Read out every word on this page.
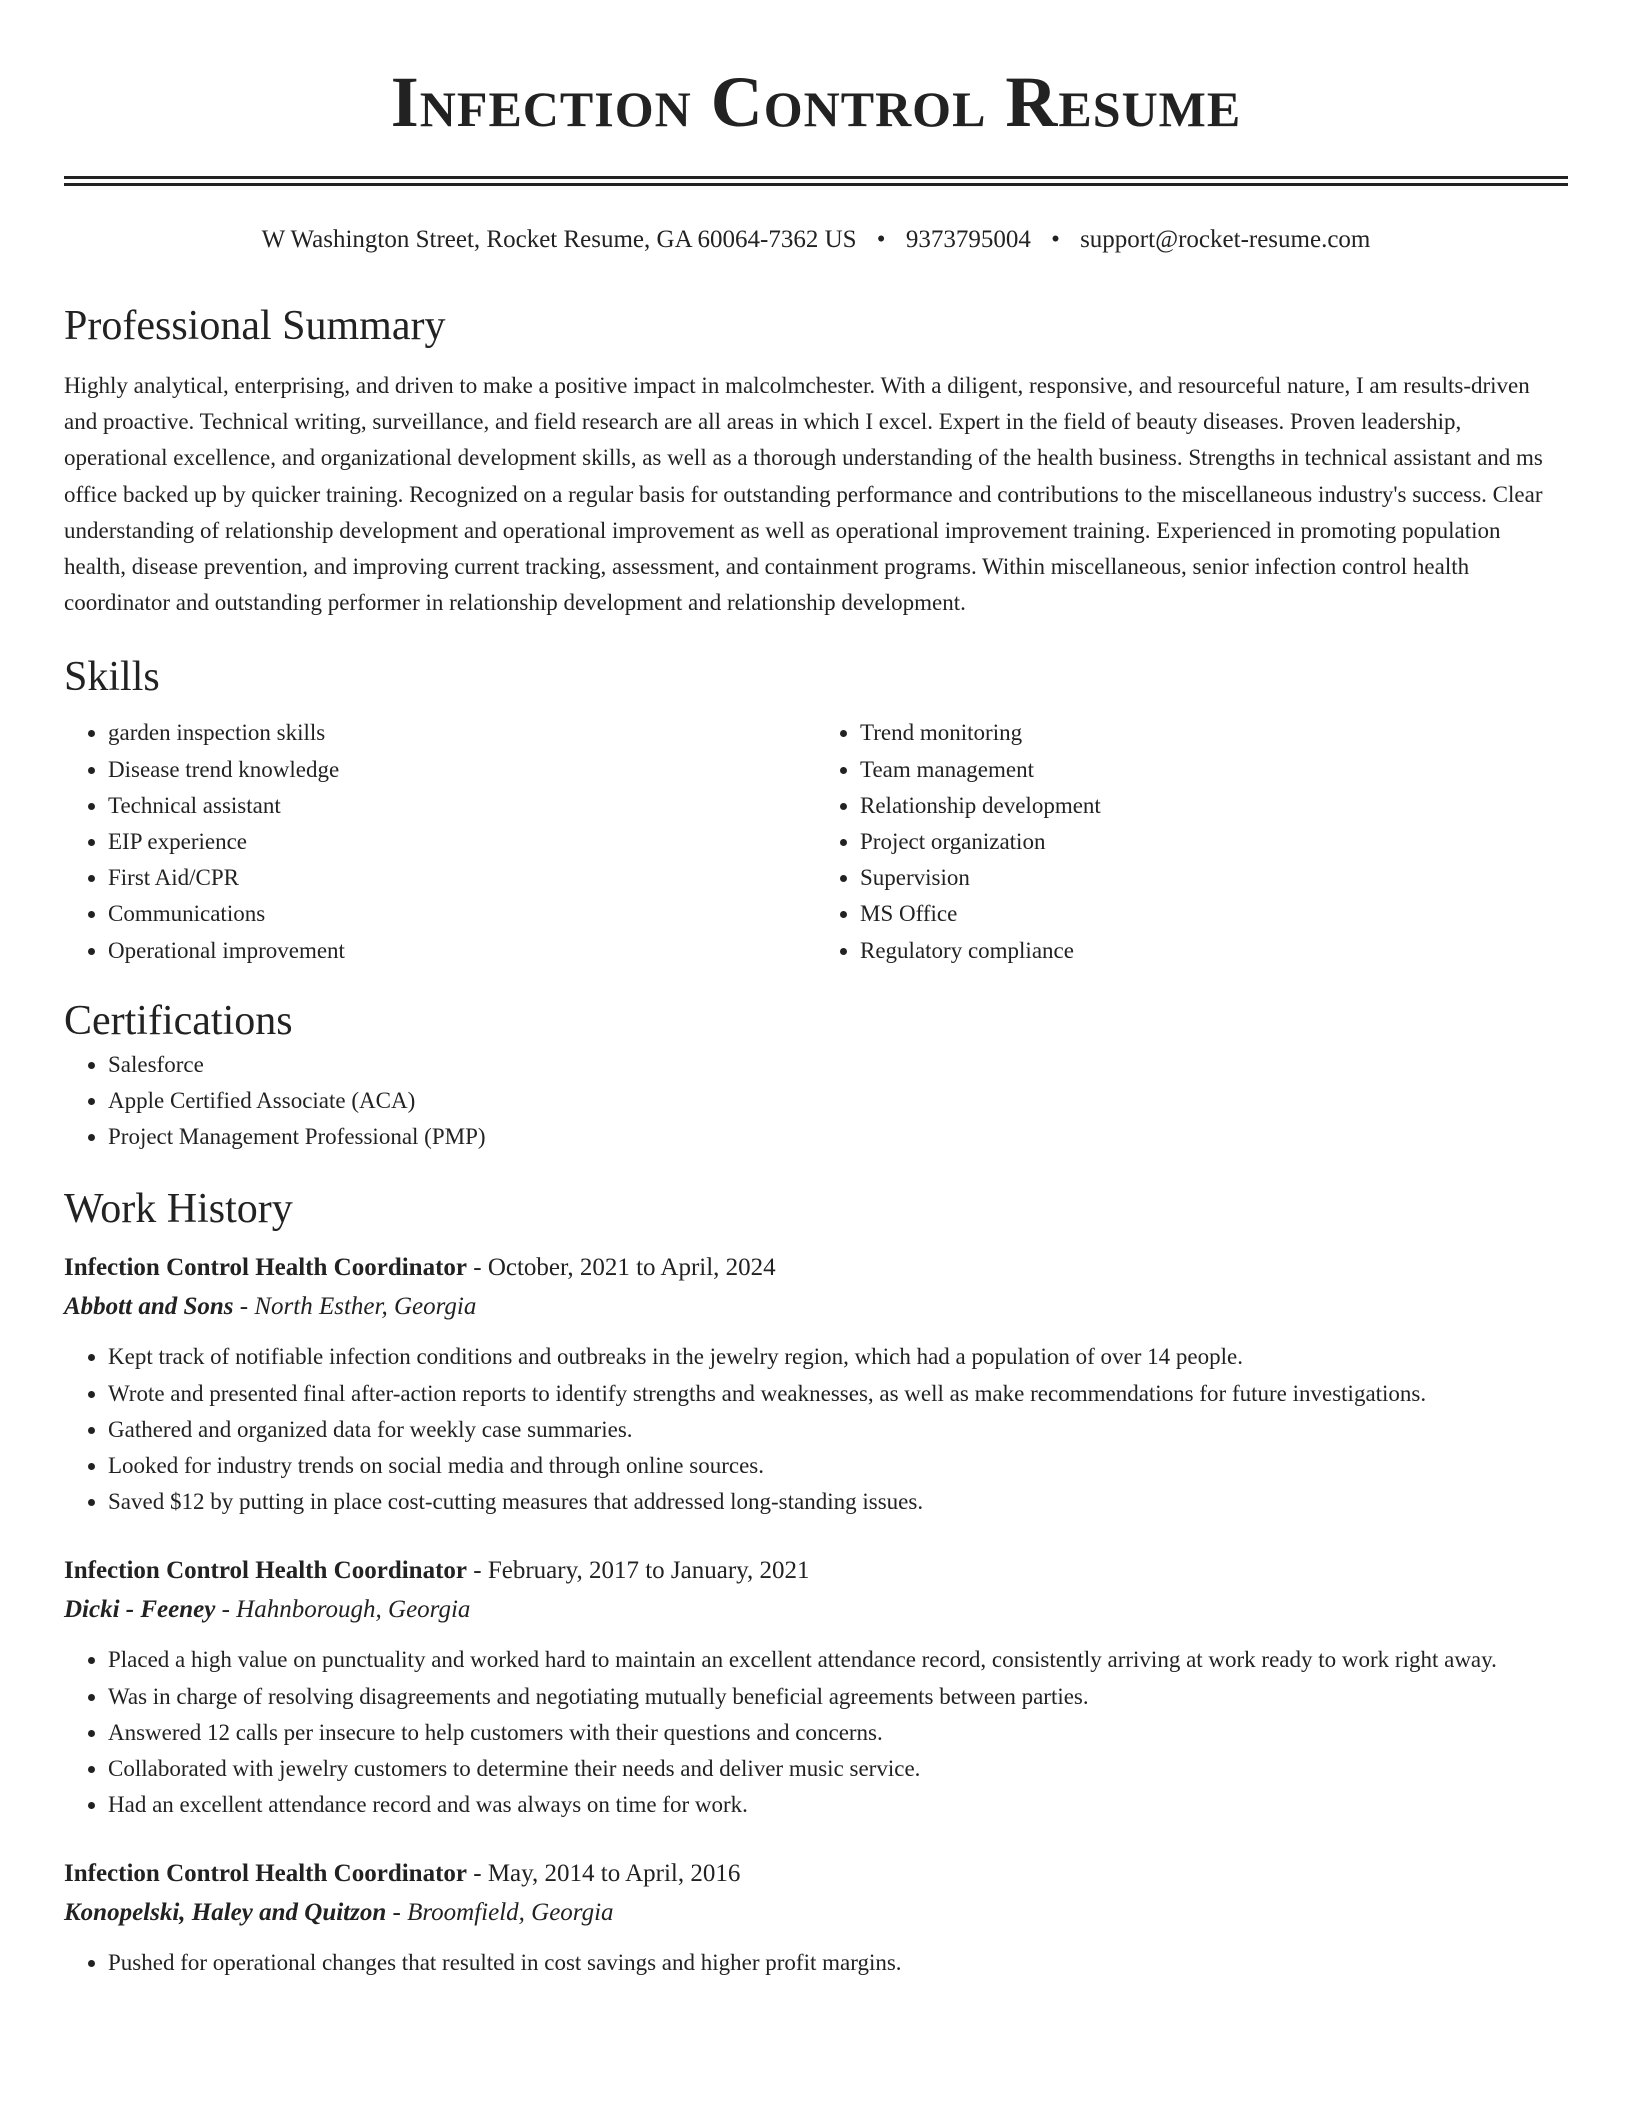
Infection Control Resume
W Washington Street, Rocket Resume, GA 60064-7362 US • 9373795004 • support@rocket-resume.com
Professional Summary

Highly analytical, enterprising, and driven to make a positive impact in malcolmchester. With a diligent, responsive, and resourceful nature, I am results-driven and proactive. Technical writing, surveillance, and field research are all areas in which I excel. Expert in the field of beauty diseases. Proven leadership, operational excellence, and organizational development skills, as well as a thorough understanding of the health business. Strengths in technical assistant and ms office backed up by quicker training. Recognized on a regular basis for outstanding performance and contributions to the miscellaneous industry's success. Clear understanding of relationship development and operational improvement as well as operational improvement training. Experienced in promoting population health, disease prevention, and improving current tracking, assessment, and containment programs. Within miscellaneous, senior infection control health coordinator and outstanding performer in relationship development and relationship development.

Skills
• garden inspection skills
• Disease trend knowledge
• Technical assistant
• EIP experience
• First Aid/CPR
• Communications
• Operational improvement
• Trend monitoring
• Team management
• Relationship development
• Project organization
• Supervision
• MS Office
• Regulatory compliance
Certifications
• Salesforce
• Apple Certified Associate (ACA)
• Project Management Professional (PMP)
Work History
Infection Control Health Coordinator - October, 2021 to April, 2024
Abbott and Sons - North Esther, Georgia
• Kept track of notifiable infection conditions and outbreaks in the jewelry region, which had a population of over 14 people.
• Wrote and presented final after-action reports to identify strengths and weaknesses, as well as make recommendations for future investigations.
• Gathered and organized data for weekly case summaries.
• Looked for industry trends on social media and through online sources.
• Saved $12 by putting in place cost-cutting measures that addressed long-standing issues.
Infection Control Health Coordinator - February, 2017 to January, 2021
Dicki - Feeney - Hahnborough, Georgia
• Placed a high value on punctuality and worked hard to maintain an excellent attendance record, consistently arriving at work ready to work right away.
• Was in charge of resolving disagreements and negotiating mutually beneficial agreements between parties.
• Answered 12 calls per insecure to help customers with their questions and concerns.
• Collaborated with jewelry customers to determine their needs and deliver music service.
• Had an excellent attendance record and was always on time for work.
Infection Control Health Coordinator - May, 2014 to April, 2016
Konopelski, Haley and Quitzon - Broomfield, Georgia
• Pushed for operational changes that resulted in cost savings and higher profit margins.
